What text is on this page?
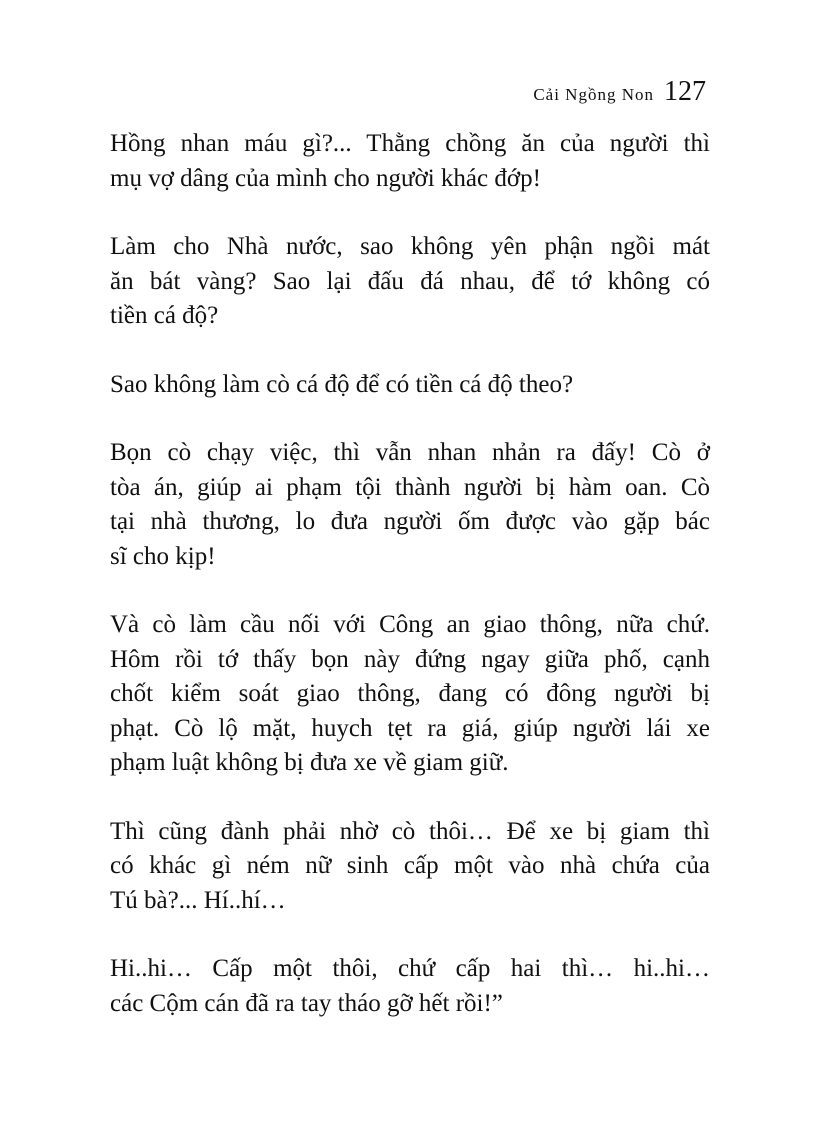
Cải Ngồng Non 127

Hồng nhan máu gì?... Thằng chồng ăn của người thì
mụ vợ dâng của mình cho người khác đớp!

Làm cho Nhà nước, sao không yên phận ngồi mát
ăn bát vàng? Sao lại đấu đá nhau, để tớ không có
tiền cá độ?

Sao không làm cò cá độ để có tiền cá độ theo?

Bọn cò chạy việc, thì vẫn nhan nhản ra đấy! Cò ở
tòa án, giúp ai phạm tội thành người bị hàm oan. Cò
tại nhà thương, lo đưa người ốm được vào gặp bác
sĩ cho kịp!

Và cò làm cầu nối với Công an giao thông, nữa chứ.
Hôm rồi tớ thấy bọn này đứng ngay giữa phố, cạnh
chốt kiểm soát giao thông, đang có đông người bị
phạt. Cò lộ mặt, huych tẹt ra giá, giúp người lái xe
phạm luật không bị đưa xe về giam giữ.

Thì cũng đành phải nhờ cò thôi… Để xe bị giam thì
có khác gì ném nữ sinh cấp một vào nhà chứa của
Tú bà?... Hí..hí…

Hi..hi… Cấp một thôi, chứ cấp hai thì… hi..hi…
các Cộm cán đã ra tay tháo gỡ hết rồi!”
